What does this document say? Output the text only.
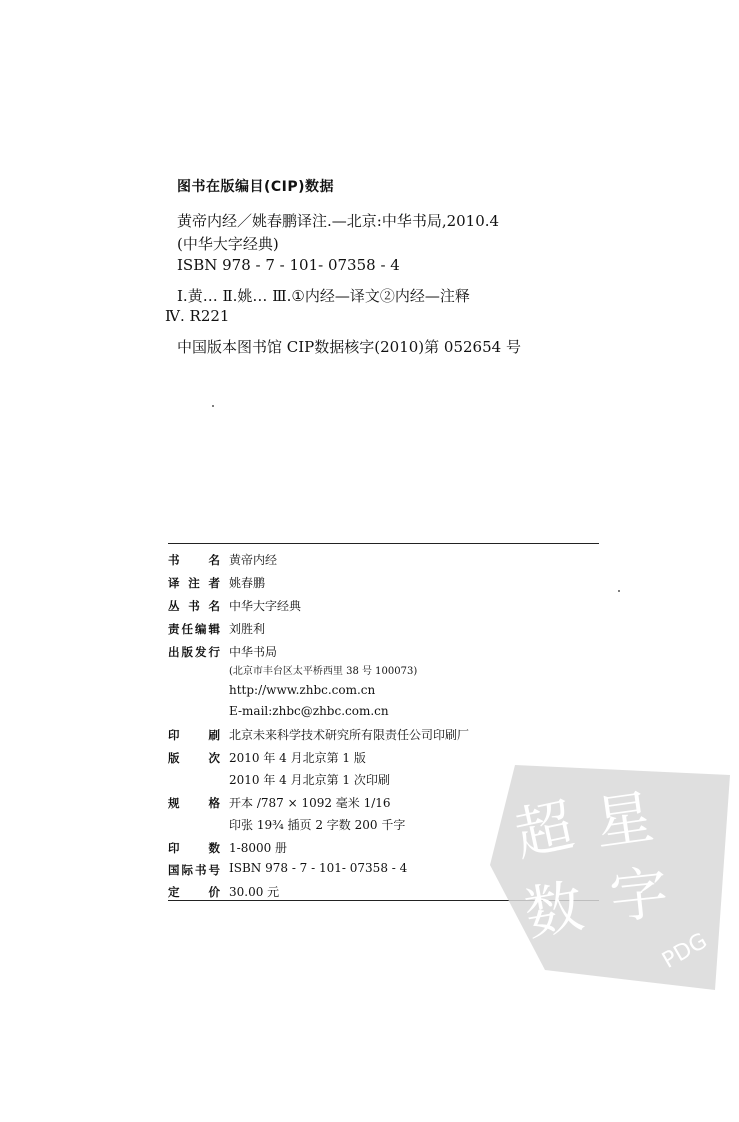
图书在版编目(CIP)数据
黄帝内经／姚春鹏译注.—北京:中华书局,2010.4
(中华大字经典)
ISBN 978 - 7 - 101- 07358 - 4
Ⅰ.黄… Ⅱ.姚… Ⅲ.①内经—译文②内经—注释
Ⅳ. R221
中国版本图书馆 CIP数据核字(2010)第 052654 号
书	名 黄帝内经
译 注 者 姚春鹏
丛 书 名 中华大字经典
责 任 编 辑 刘胜利
出 版 发 行 中华书局
(北京市丰台区太平桥西里 38 号 100073)
http://www.zhbc.com.cn
E-mail:zhbc@zhbc.com.cn
印	刷 北京未来科学技术研究所有限责任公司印刷厂
版	次 2010 年 4 月北京第 1 版
2010 年 4 月北京第 1 次印刷
规	格 开本 /787 × 1092 毫米 1/16
印张 19¾ 插页 2 字数 200 千字
印	数 1-8000 册
国 际 书 号 ISBN 978 - 7 - 101- 07358 - 4
定	价 30.00 元
超 星
数 字
PDG
